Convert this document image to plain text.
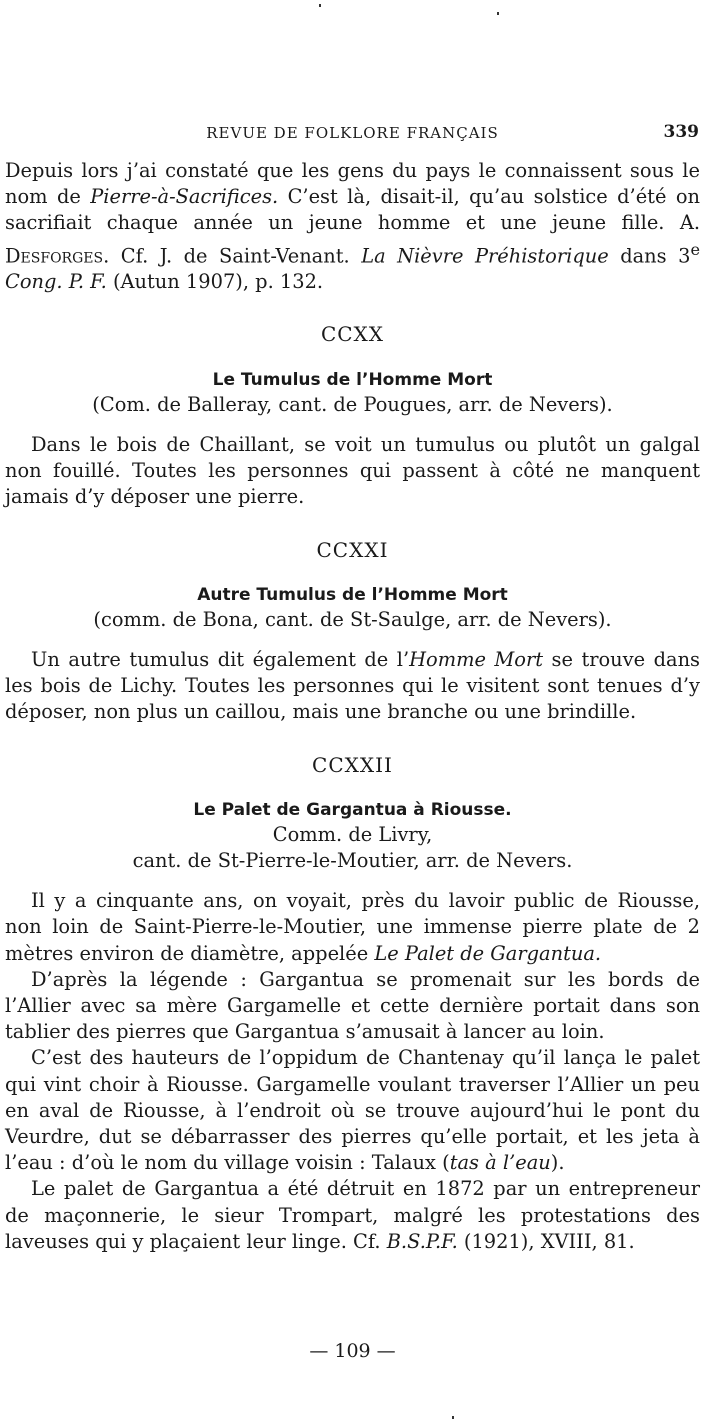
REVUE DE FOLKLORE FRANÇAIS	339

Depuis lors j’ai constaté que les gens du pays le connaissent sous le nom de Pierre-à-Sacrifices. C’est là, disait-il, qu’au solstice d’été on sacrifiait chaque année un jeune homme et une jeune fille. A. Desforges. Cf. J. de Saint-Venant. La Nièvre Préhistorique dans 3e Cong. P. F. (Autun 1907), p. 132.

CCXX
Le Tumulus de l’Homme Mort
(Com. de Balleray, cant. de Pougues, arr. de Nevers).

Dans le bois de Chaillant, se voit un tumulus ou plutôt un galgal non fouillé. Toutes les personnes qui passent à côté ne manquent jamais d’y déposer une pierre.

CCXXI
Autre Tumulus de l’Homme Mort
(comm. de Bona, cant. de St-Saulge, arr. de Nevers).

Un autre tumulus dit également de l’Homme Mort se trouve dans les bois de Lichy. Toutes les personnes qui le visitent sont tenues d’y déposer, non plus un caillou, mais une branche ou une brindille.

CCXXII
Le Palet de Gargantua à Riousse.
Comm. de Livry,
cant. de St-Pierre-le-Moutier, arr. de Nevers.

Il y a cinquante ans, on voyait, près du lavoir public de Riousse, non loin de Saint-Pierre-le-Moutier, une immense pierre plate de 2 mètres environ de diamètre, appelée Le Palet de Gargantua.

D’après la légende : Gargantua se promenait sur les bords de l’Allier avec sa mère Gargamelle et cette dernière portait dans son tablier des pierres que Gargantua s’amusait à lancer au loin.

C’est des hauteurs de l’oppidum de Chantenay qu’il lança le palet qui vint choir à Riousse. Gargamelle voulant traverser l’Allier un peu en aval de Riousse, à l’endroit où se trouve aujourd’hui le pont du Veurdre, dut se débarrasser des pierres qu’elle portait, et les jeta à l’eau : d’où le nom du village voisin : Talaux (tas à l’eau).

Le palet de Gargantua a été détruit en 1872 par un entrepreneur de maçonnerie, le sieur Trompart, malgré les protestations des laveuses qui y plaçaient leur linge. Cf. B.S.P.F. (1921), XVIII, 81.

— 109 —
